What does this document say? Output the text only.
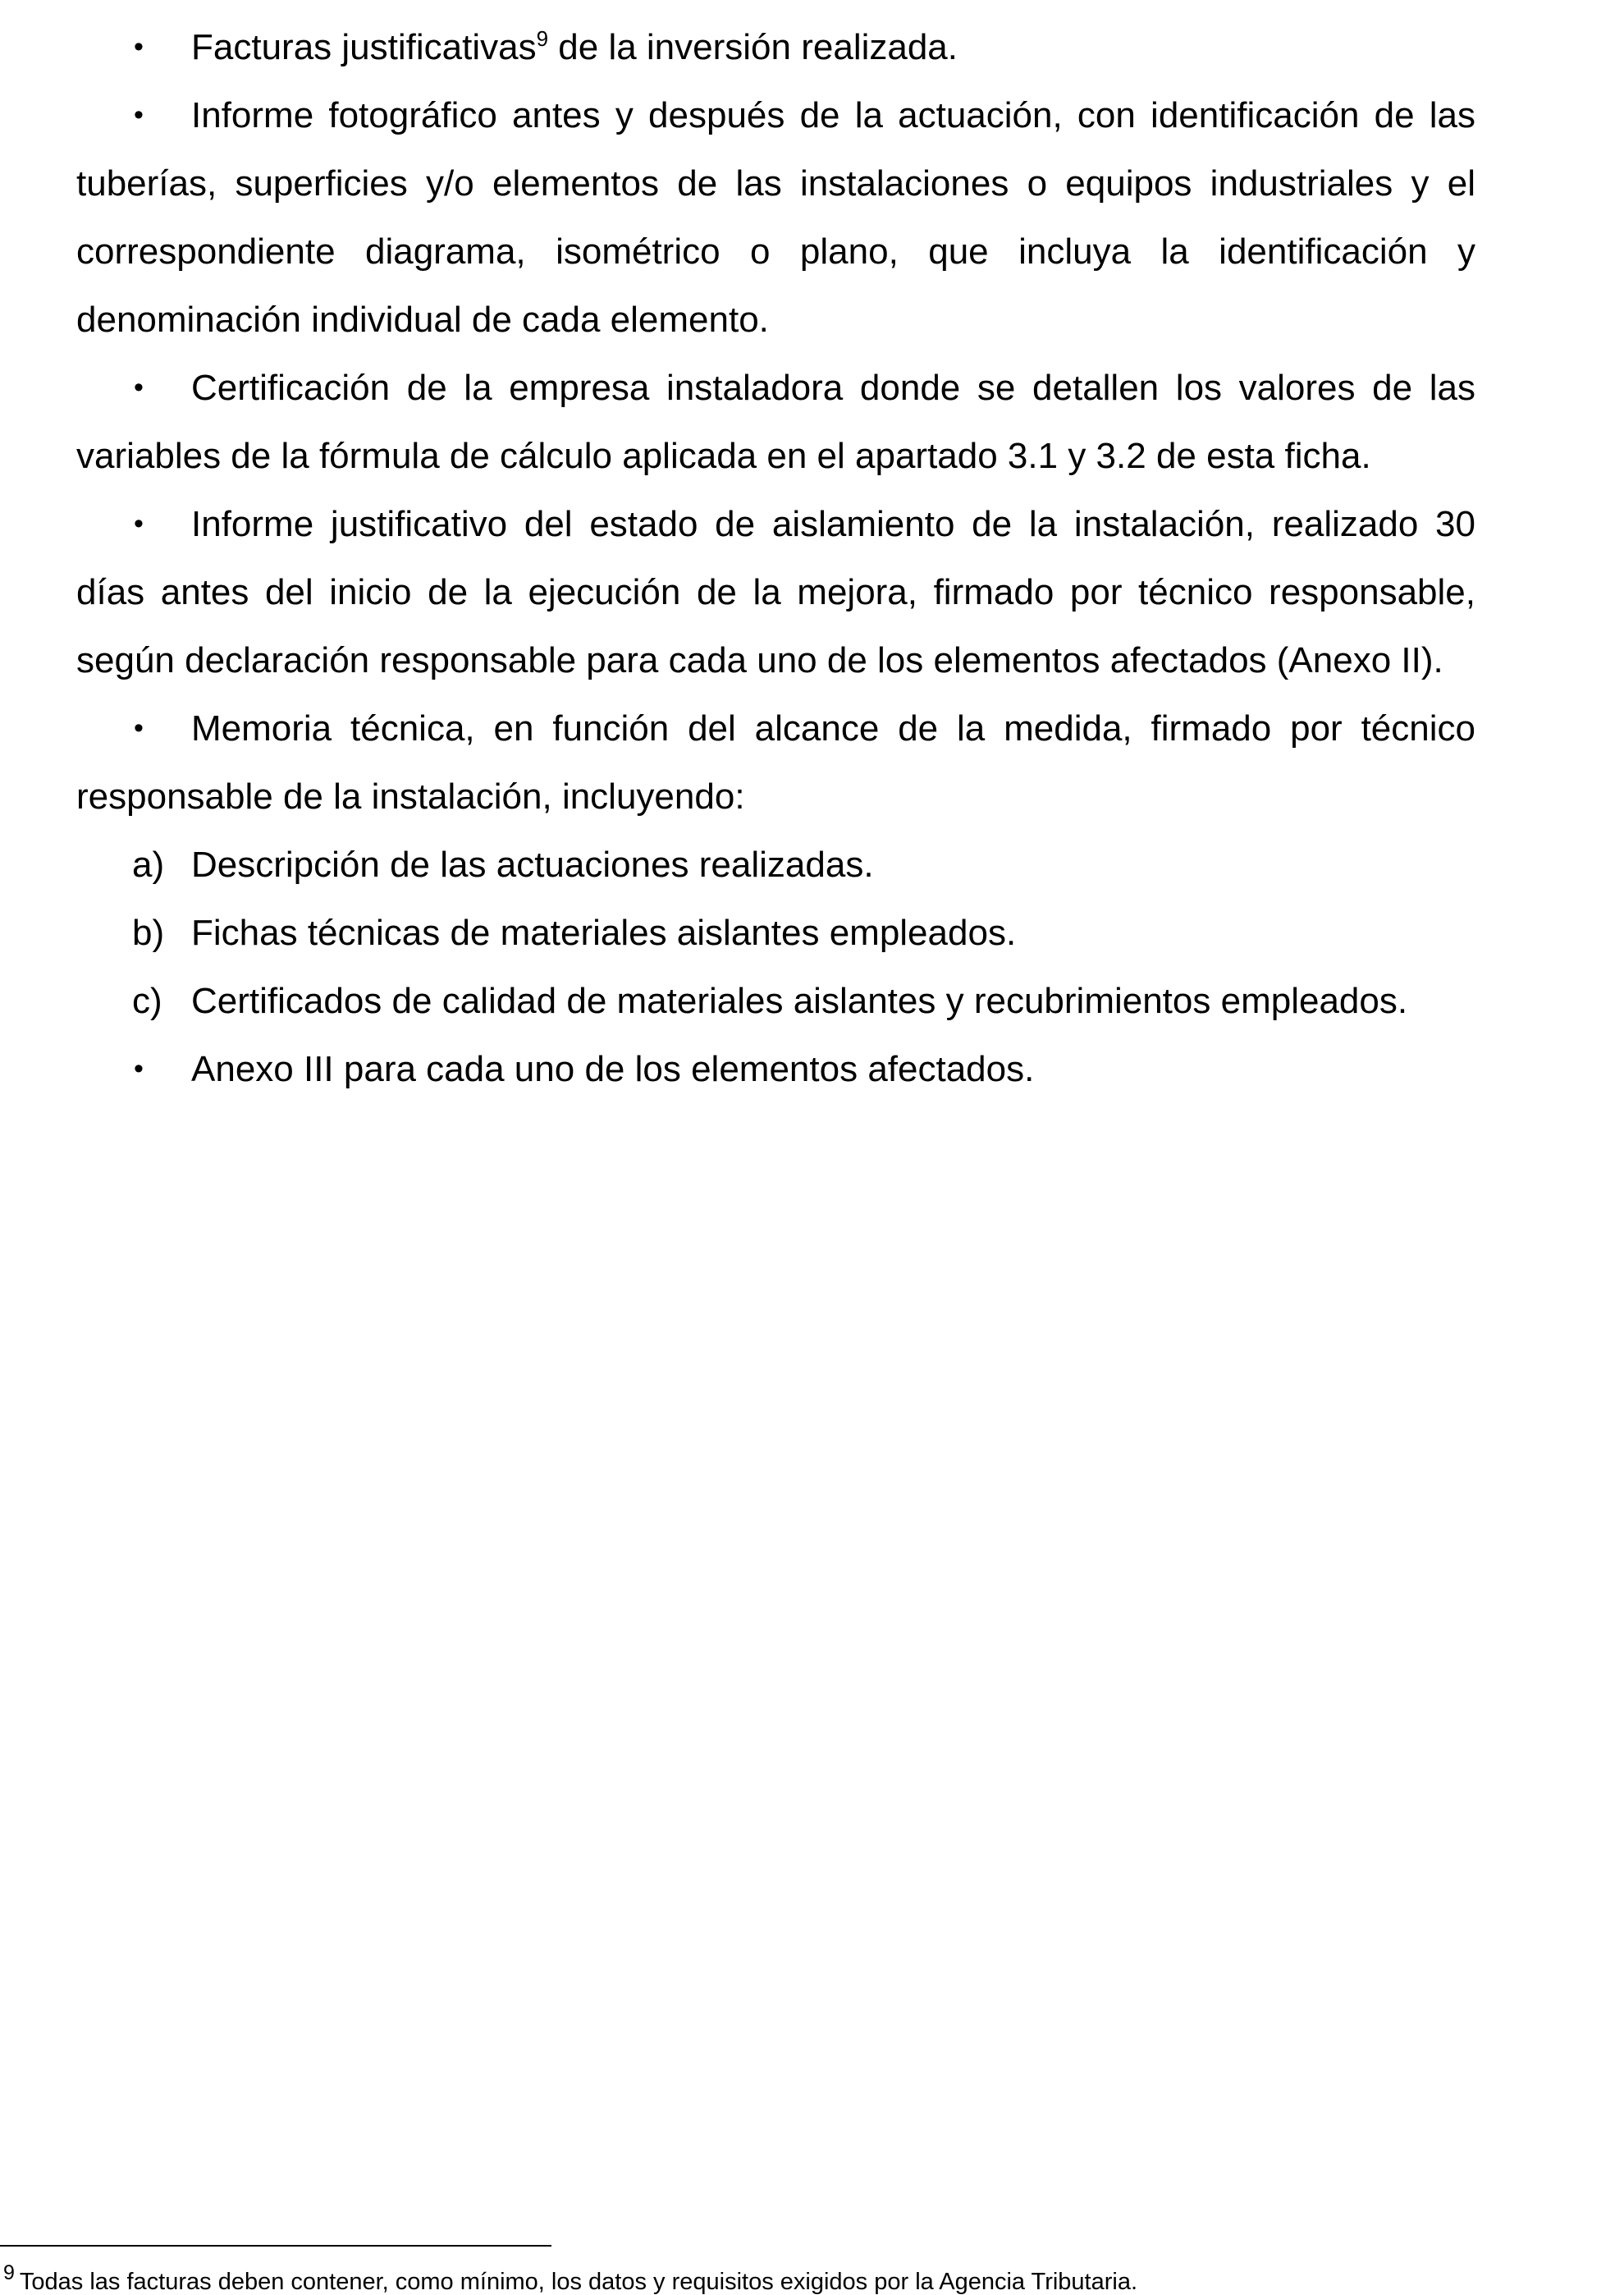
• Facturas justificativas$^9$ de la inversión realizada.

• Informe fotográfico antes y después de la actuación, con identificación de las tuberías, superficies y/o elementos de las instalaciones o equipos industriales y el correspondiente diagrama, isométrico o plano, que incluya la identificación y denominación individual de cada elemento.

• Certificación de la empresa instaladora donde se detallen los valores de las variables de la fórmula de cálculo aplicada en el apartado 3.1 y 3.2 de esta ficha.

• Informe justificativo del estado de aislamiento de la instalación, realizado 30 días antes del inicio de la ejecución de la mejora, firmado por técnico responsable, según declaración responsable para cada uno de los elementos afectados (Anexo II).

• Memoria técnica, en función del alcance de la medida, firmado por técnico responsable de la instalación, incluyendo:

a) Descripción de las actuaciones realizadas.

b) Fichas técnicas de materiales aislantes empleados.

c) Certificados de calidad de materiales aislantes y recubrimientos empleados.

• Anexo III para cada uno de los elementos afectados.

9 Todas las facturas deben contener, como mínimo, los datos y requisitos exigidos por la Agencia Tributaria.
